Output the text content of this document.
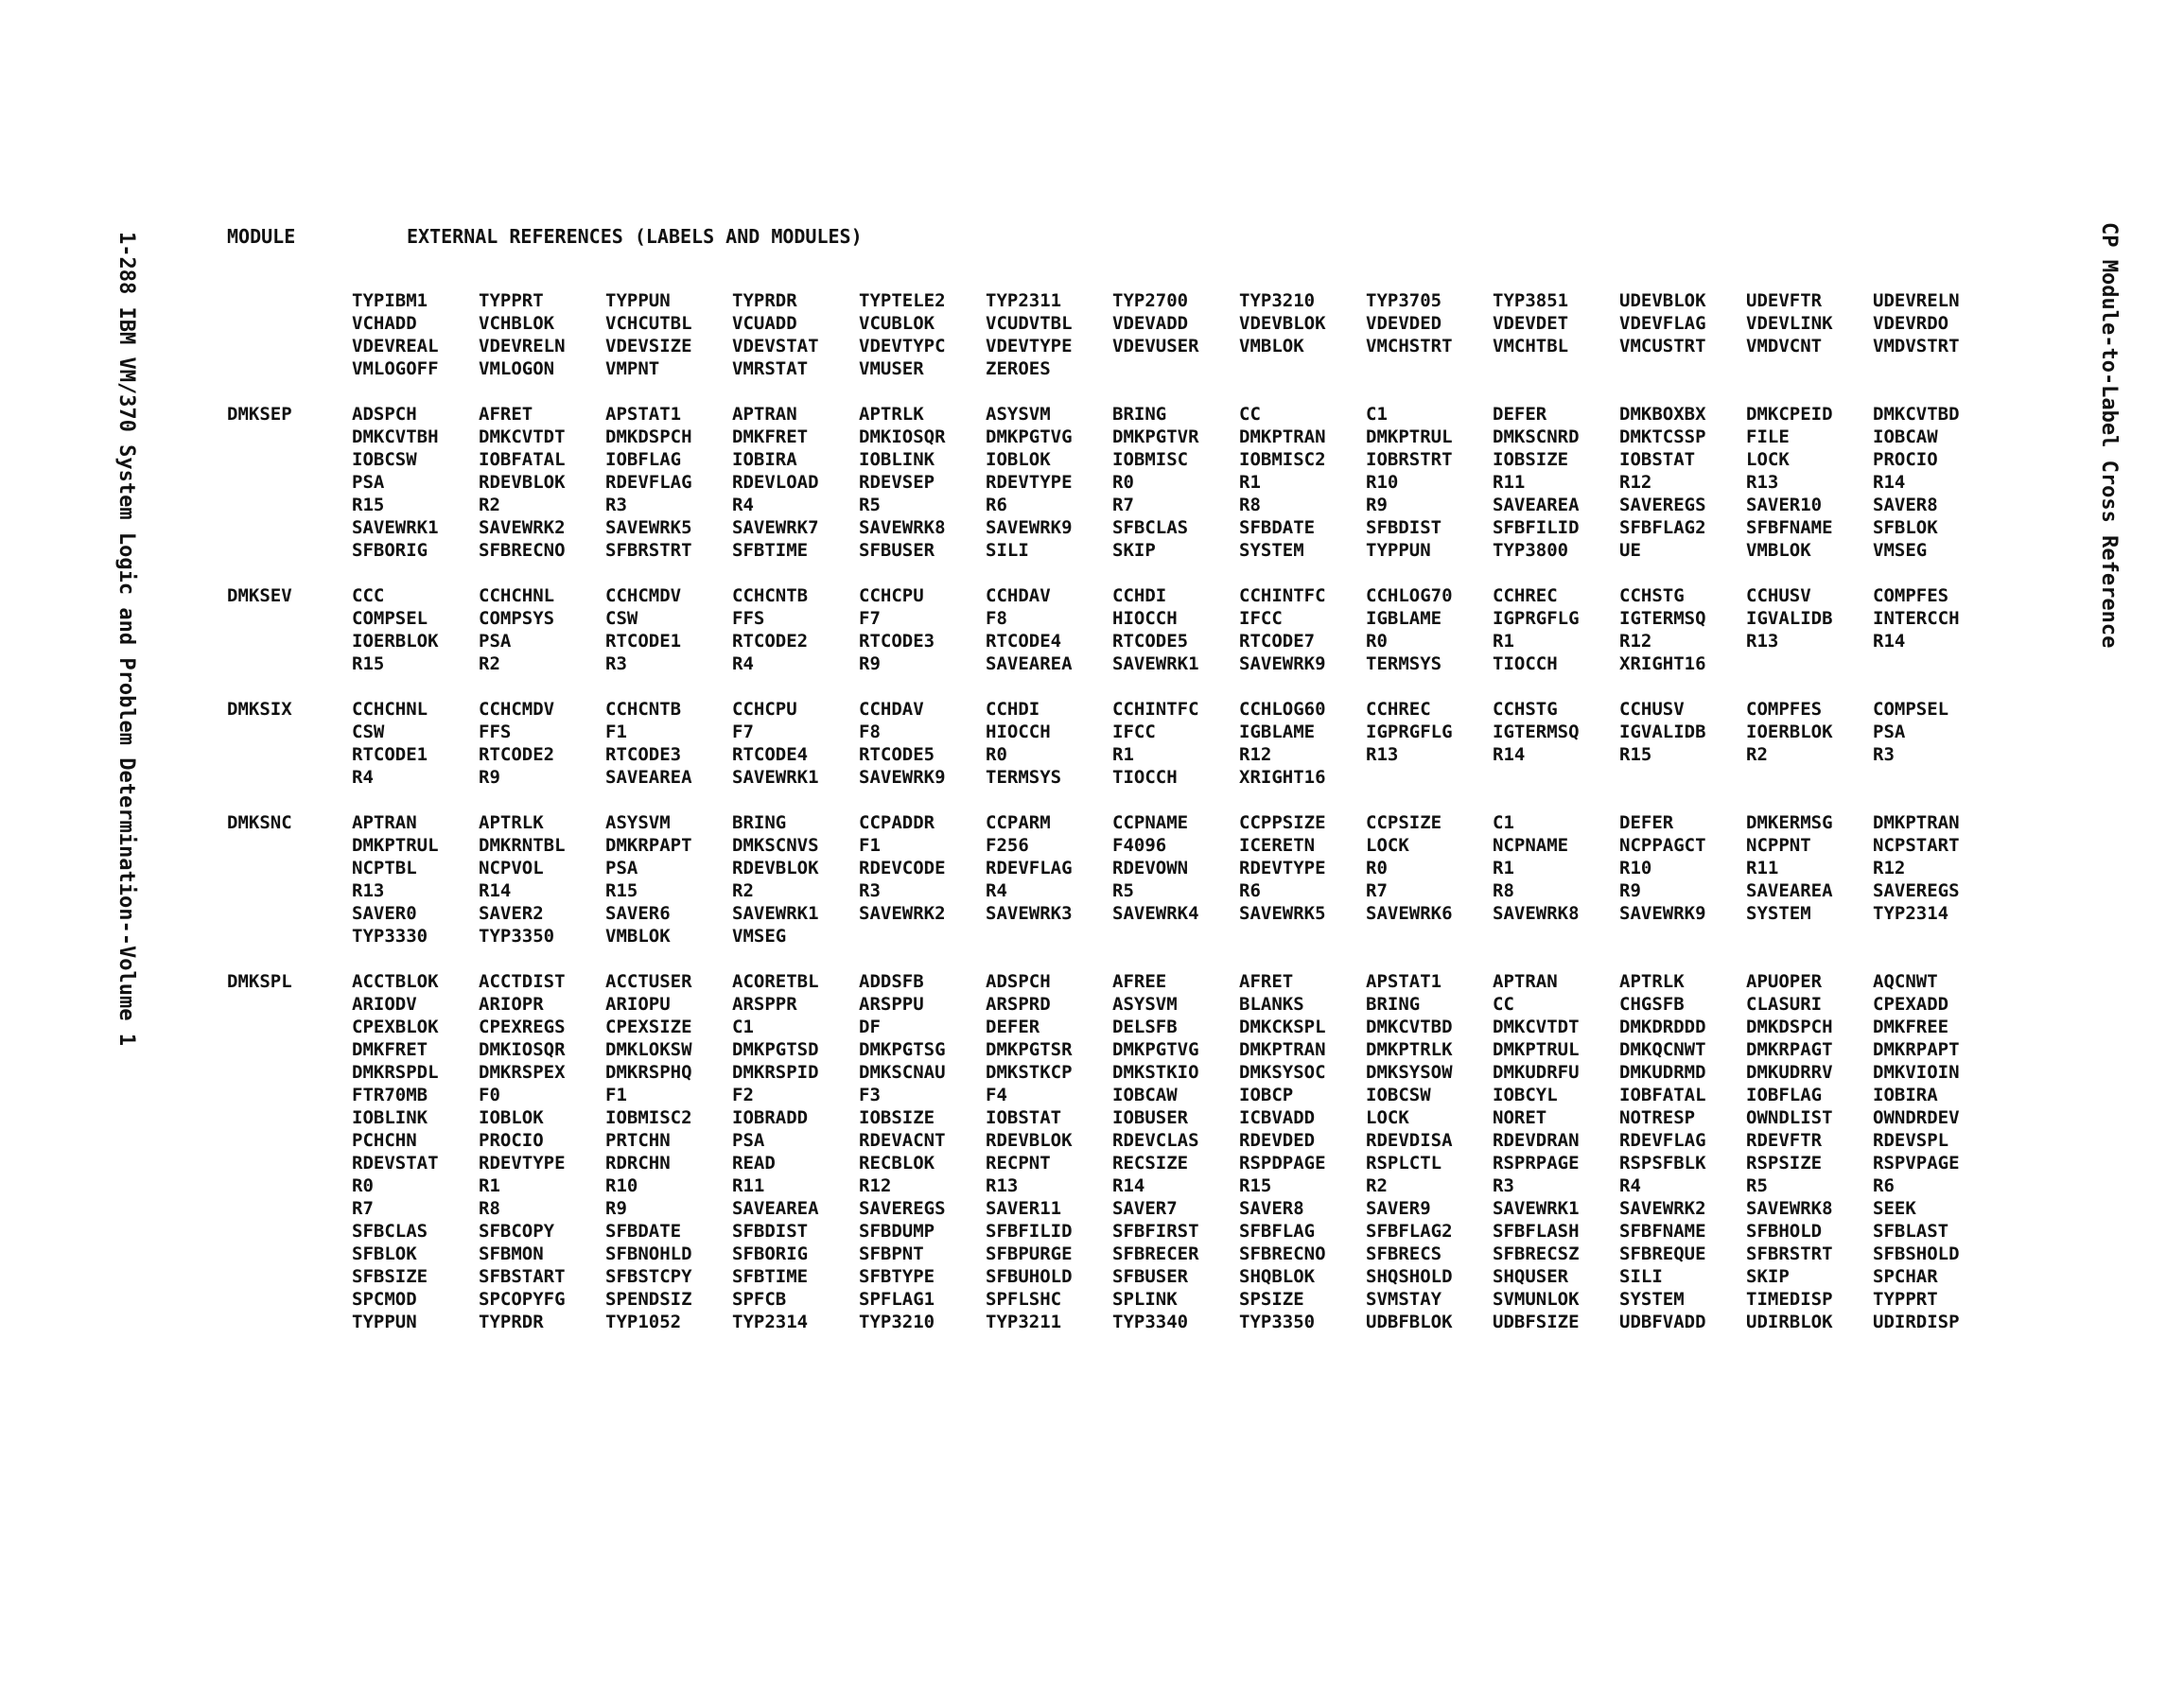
1-288 IBM VM/370 System Logic and Problem Determination--Volume 1	CP Module-to-Label Cross Reference

MODULE

	EXTERNAL REFERENCES (LABELS AND MODULES)

TYPIBM1	TYPPRT	TYPPUN	TYPRDR	TYPTELE2	TYP2311	TYP2700	TYP3210	TYP3705	TYP3851	UDEVBLOK	UDEVFTR	UDEVRELN
VCHADD	VCHBLOK	VCHCUTBL	VCUADD	VCUBLOK	VCUDVTBL	VDEVADD	VDEVBLOK	VDEVDED	VDEVDET	VDEVFLAG	VDEVLINK	VDEVRDO
VDEVREAL	VDEVRELN	VDEVSIZE	VDEVSTAT	VDEVTYPC	VDEVTYPE	VDEVUSER	VMBLOK	VMCHSTRT	VMCHTBL	VMCUSTRT	VMDVCNT	VMDVSTRT
VMLOGOFF	VMLOGON	VMPNT	VMRSTAT	VMUSER	ZEROES
DMKSEP	ADSPCH	AFRET	APSTAT1	APTRAN	APTRLK	ASYSVM	BRING	CC	C1	DEFER	DMKBOXBX	DMKCPEID	DMKCVTBD
DMKCVTBH	DMKCVTDT	DMKDSPCH	DMKFRET	DMKIOSQR	DMKPGTVG	DMKPGTVR	DMKPTRAN	DMKPTRUL	DMKSCNRD	DMKTCSSP	FILE	IOBCAW
IOBCSW	IOBFATAL	IOBFLAG	IOBIRA	IOBLINK	IOBLOK	IOBMISC	IOBMISC2	IOBRSTRT	IOBSIZE	IOBSTAT	LOCK	PROCIO
PSA	RDEVBLOK	RDEVFLAG	RDEVLOAD	RDEVSEP	RDEVTYPE	R0	R1	R10	R11	R12	R13	R14
R15	R2	R3	R4	R5	R6	R7	R8	R9	SAVEAREA	SAVEREGS	SAVER10	SAVER8
SAVEWRK1	SAVEWRK2	SAVEWRK5	SAVEWRK7	SAVEWRK8	SAVEWRK9	SFBCLAS	SFBDATE	SFBDIST	SFBFILID	SFBFLAG2	SFBFNAME	SFBLOK
SFBORIG	SFBRECNO	SFBRSTRT	SFBTIME	SFBUSER	SILI	SKIP	SYSTEM	TYPPUN	TYP3800	UE	VMBLOK	VMSEG
DMKSEV	CCC	CCHCHNL	CCHCMDV	CCHCNTB	CCHCPU	CCHDAV	CCHDI	CCHINTFC	CCHLOG70	CCHREC	CCHSTG	CCHUSV	COMPFES
COMPSEL	COMPSYS	CSW	FFS	F7	F8	HIOCCH	IFCC	IGBLAME	IGPRGFLG	IGTERMSQ	IGVALIDB	INTERCCH
IOERBLOK	PSA	RTCODE1	RTCODE2	RTCODE3	RTCODE4	RTCODE5	RTCODE7	R0	R1	R12	R13	R14
R15	R2	R3	R4	R9	SAVEAREA	SAVEWRK1	SAVEWRK9	TERMSYS	TIOCCH	XRIGHT16
DMKSIX	CCHCHNL	CCHCMDV	CCHCNTB	CCHCPU	CCHDAV	CCHDI	CCHINTFC	CCHLOG60	CCHREC	CCHSTG	CCHUSV	COMPFES	COMPSEL
CSW	FFS	F1	F7	F8	HIOCCH	IFCC	IGBLAME	IGPRGFLG	IGTERMSQ	IGVALIDB	IOERBLOK	PSA
RTCODE1	RTCODE2	RTCODE3	RTCODE4	RTCODE5	R0	R1	R12	R13	R14	R15	R2	R3
R4	R9	SAVEAREA	SAVEWRK1	SAVEWRK9	TERMSYS	TIOCCH	XRIGHT16
DMKSNC	APTRAN	APTRLK	ASYSVM	BRING	CCPADDR	CCPARM	CCPNAME	CCPPSIZE	CCPSIZE	C1	DEFER	DMKERMSG	DMKPTRAN
DMKPTRUL	DMKRNTBL	DMKRPAPT	DMKSCNVS	F1	F256	F4096	ICERETN	LOCK	NCPNAME	NCPPAGCT	NCPPNT	NCPSTART
NCPTBL	NCPVOL	PSA	RDEVBLOK	RDEVCODE	RDEVFLAG	RDEVOWN	RDEVTYPE	R0	R1	R10	R11	R12
R13	R14	R15	R2	R3	R4	R5	R6	R7	R8	R9	SAVEAREA	SAVEREGS
SAVER0	SAVER2	SAVER6	SAVEWRK1	SAVEWRK2	SAVEWRK3	SAVEWRK4	SAVEWRK5	SAVEWRK6	SAVEWRK8	SAVEWRK9	SYSTEM	TYP2314
TYP3330	TYP3350	VMBLOK	VMSEG
DMKSPL	ACCTBLOK	ACCTDIST	ACCTUSER	ACORETBL	ADDSFB	ADSPCH	AFREE	AFRET	APSTAT1	APTRAN	APTRLK	APUOPER	AQCNWT
ARIODV	ARIOPR	ARIOPU	ARSPPR	ARSPPU	ARSPRD	ASYSVM	BLANKS	BRING	CC	CHGSFB	CLASURI	CPEXADD
CPEXBLOK	CPEXREGS	CPEXSIZE	C1	DF	DEFER	DELSFB	DMKCKSPL	DMKCVTBD	DMKCVTDT	DMKDRDDD	DMKDSPCH	DMKFREE
DMKFRET	DMKIOSQR	DMKLOKSW	DMKPGTSD	DMKPGTSG	DMKPGTSR	DMKPGTVG	DMKPTRAN	DMKPTRLK	DMKPTRUL	DMKQCNWT	DMKRPAGT	DMKRPAPT
DMKRSPDL	DMKRSPEX	DMKRSPHQ	DMKRSPID	DMKSCNAU	DMKSTKCP	DMKSTKIO	DMKSYSOC	DMKSYSOW	DMKUDRFU	DMKUDRMD	DMKUDRRV	DMKVIOIN
FTR70MB	F0	F1	F2	F3	F4	IOBCAW	IOBCP	IOBCSW	IOBCYL	IOBFATAL	IOBFLAG	IOBIRA
IOBLINK	IOBLOK	IOBMISC2	IOBRADD	IOBSIZE	IOBSTAT	IOBUSER	ICBVADD	LOCK	NORET	NOTRESP	OWNDLIST	OWNDRDEV
PCHCHN	PROCIO	PRTCHN	PSA	RDEVACNT	RDEVBLOK	RDEVCLAS	RDEVDED	RDEVDISA	RDEVDRAN	RDEVFLAG	RDEVFTR	RDEVSPL
RDEVSTAT	RDEVTYPE	RDRCHN	READ	RECBLOK	RECPNT	RECSIZE	RSPDPAGE	RSPLCTL	RSPRPAGE	RSPSFBLK	RSPSIZE	RSPVPAGE
R0	R1	R10	R11	R12	R13	R14	R15	R2	R3	R4	R5	R6
R7	R8	R9	SAVEAREA	SAVEREGS	SAVER11	SAVER7	SAVER8	SAVER9	SAVEWRK1	SAVEWRK2	SAVEWRK8	SEEK
SFBCLAS	SFBCOPY	SFBDATE	SFBDIST	SFBDUMP	SFBFILID	SFBFIRST	SFBFLAG	SFBFLAG2	SFBFLASH	SFBFNAME	SFBHOLD	SFBLAST
SFBLOK	SFBMON	SFBNOHLD	SFBORIG	SFBPNT	SFBPURGE	SFBRECER	SFBRECNO	SFBRECS	SFBRECSZ	SFBREQUE	SFBRSTRT	SFBSHOLD
SFBSIZE	SFBSTART	SFBSTCPY	SFBTIME	SFBTYPE	SFBUHOLD	SFBUSER	SHQBLOK	SHQSHOLD	SHQUSER	SILI	SKIP	SPCHAR
SPCMOD	SPCOPYFG	SPENDSIZ	SPFCB	SPFLAG1	SPFLSHC	SPLINK	SPSIZE	SVMSTAY	SVMUNLOK	SYSTEM	TIMEDISP	TYPPRT
TYPPUN	TYPRDR	TYP1052	TYP2314	TYP3210	TYP3211	TYP3340	TYP3350	UDBFBLOK	UDBFSIZE	UDBFVADD	UDIRBLOK	UDIRDISP
